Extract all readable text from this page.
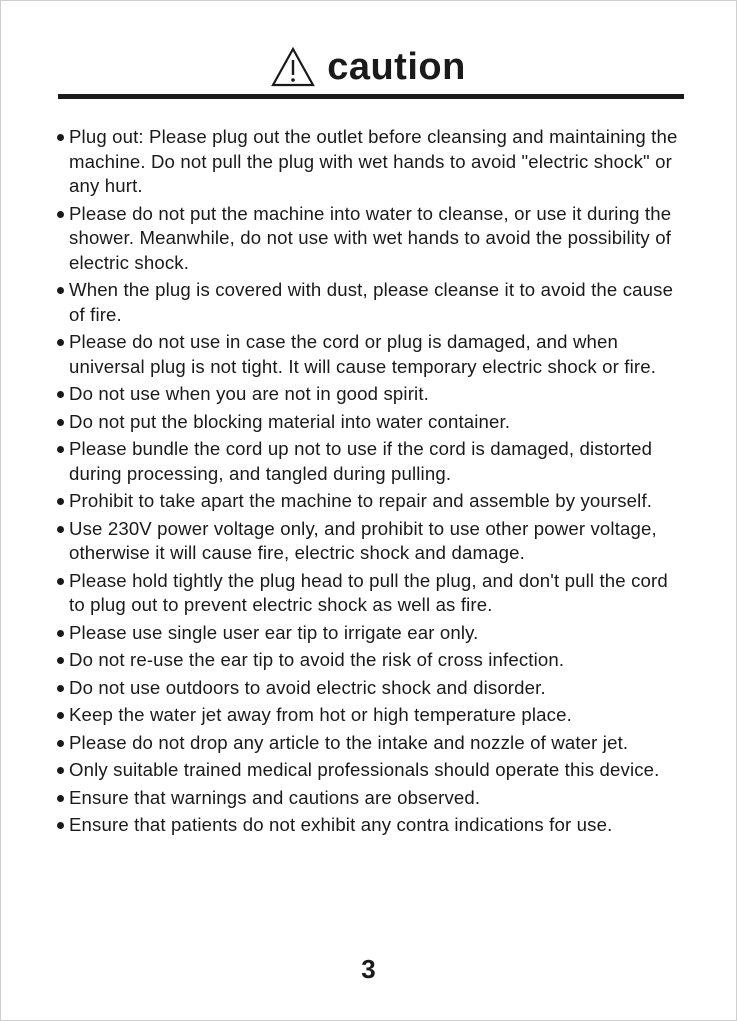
caution
Plug out: Please plug out the outlet before cleansing and maintaining the machine. Do not pull the plug with wet hands to avoid "electric shock" or any hurt.
Please do not put the machine into water to cleanse, or use it during the shower. Meanwhile, do not use with wet hands to avoid the possibility of electric shock.
When the plug is covered with dust, please cleanse it to avoid the cause of fire.
Please do not use in case the cord or plug is damaged, and when universal plug is not tight. It will cause temporary electric shock or fire.
Do not use when you are not in good spirit.
Do not put the blocking material into water container.
Please bundle the cord up not to use if the cord is damaged, distorted during processing, and tangled during pulling.
Prohibit to take apart the machine to repair and assemble by yourself.
Use 230V power voltage only, and prohibit to use other power voltage, otherwise it will cause fire, electric shock and damage.
Please hold tightly the plug head to pull the plug, and don't pull the cord to plug out to prevent electric shock as well as fire.
Please use single user ear tip to irrigate ear only.
Do not re-use the ear tip to avoid the risk of cross infection.
Do not use outdoors to avoid electric shock and disorder.
Keep the water jet away from hot or high temperature place.
Please do not drop any article to the intake and nozzle of water jet.
Only suitable trained medical professionals should operate this device.
Ensure that warnings and cautions are observed.
Ensure that patients do not exhibit any contra indications for use.
3
